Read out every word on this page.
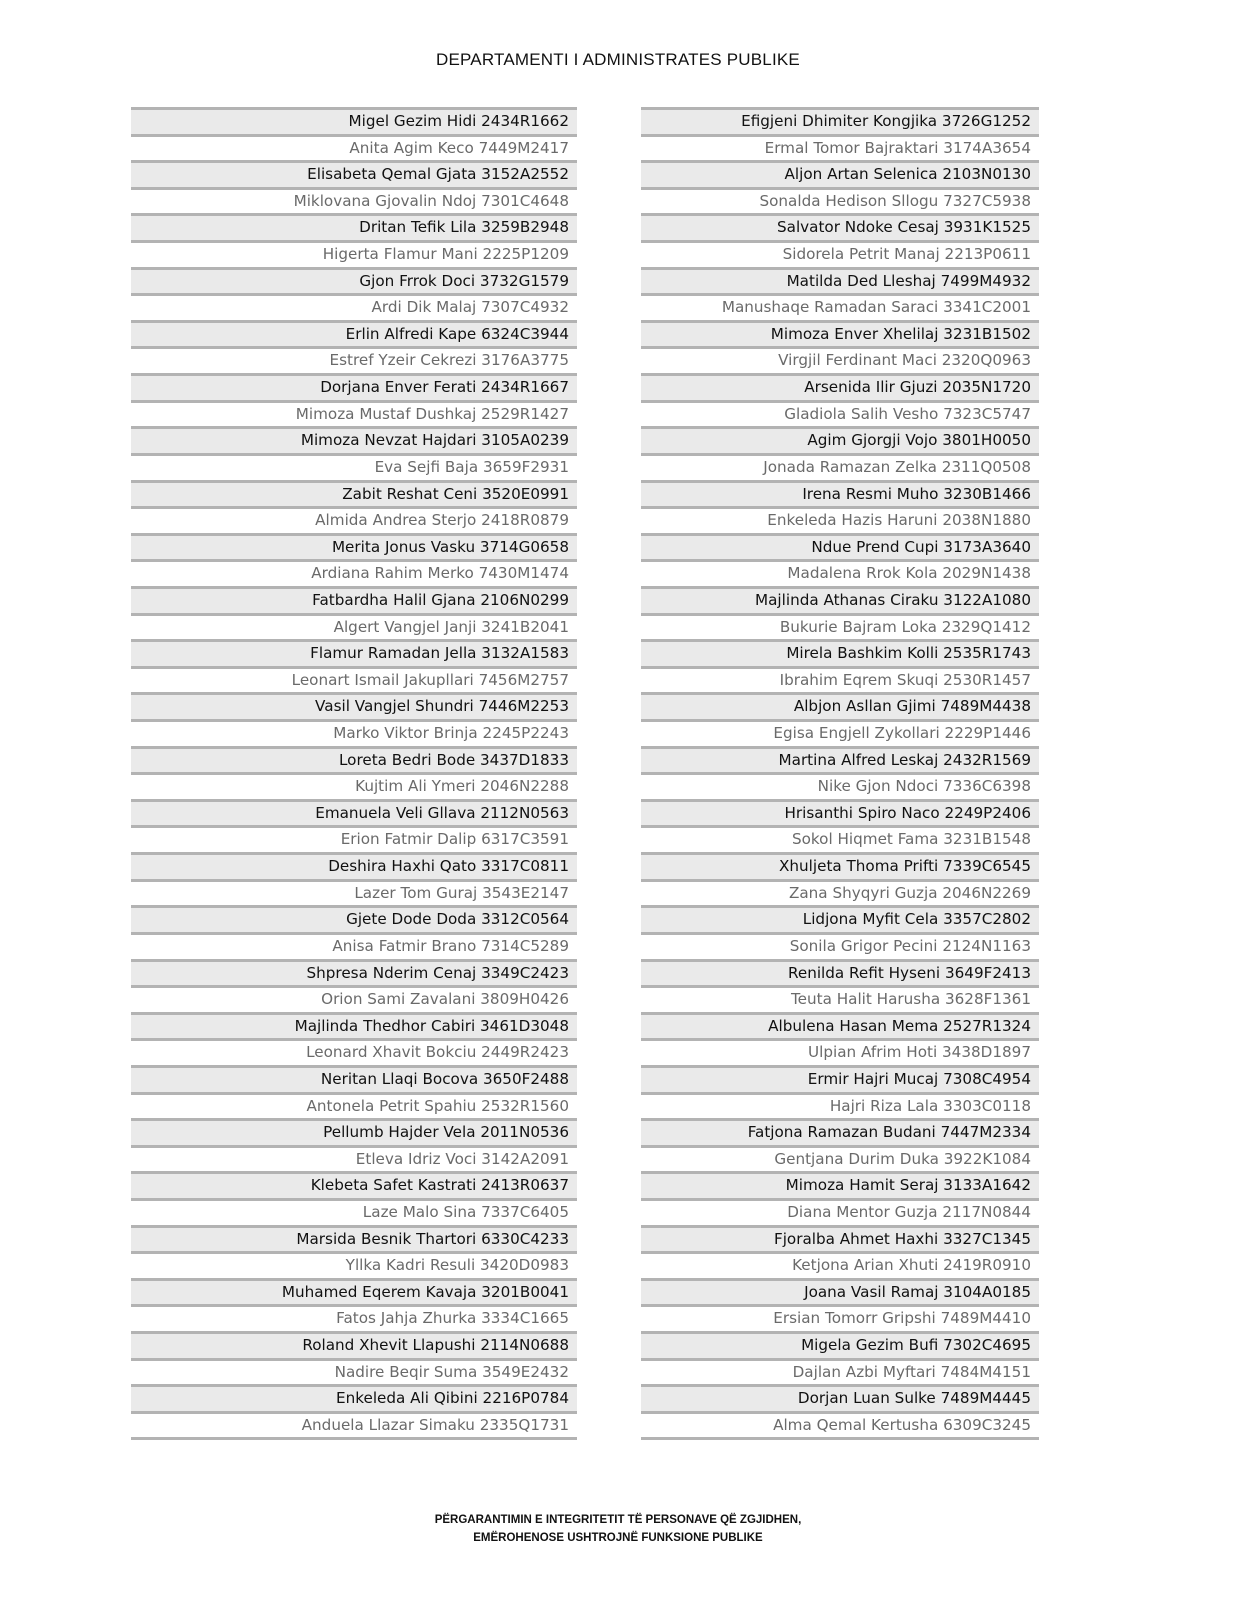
DEPARTAMENTI I ADMINISTRATES PUBLIKE
Migel Gezim Hidi 2434R1662
Anita Agim Keco 7449M2417
Elisabeta Qemal Gjata 3152A2552
Miklovana Gjovalin Ndoj 7301C4648
Dritan Tefik Lila 3259B2948
Higerta Flamur Mani 2225P1209
Gjon Frrok Doci 3732G1579
Ardi Dik Malaj 7307C4932
Erlin Alfredi Kape 6324C3944
Estref Yzeir Cekrezi 3176A3775
Dorjana Enver Ferati 2434R1667
Mimoza Mustaf Dushkaj 2529R1427
Mimoza Nevzat Hajdari 3105A0239
Eva Sejfi Baja 3659F2931
Zabit Reshat Ceni 3520E0991
Almida Andrea Sterjo 2418R0879
Merita Jonus Vasku 3714G0658
Ardiana Rahim Merko 7430M1474
Fatbardha Halil Gjana 2106N0299
Algert Vangjel Janji 3241B2041
Flamur Ramadan Jella 3132A1583
Leonart Ismail Jakupllari 7456M2757
Vasil Vangjel Shundri 7446M2253
Marko Viktor Brinja 2245P2243
Loreta Bedri Bode 3437D1833
Kujtim Ali Ymeri 2046N2288
Emanuela Veli Gllava 2112N0563
Erion Fatmir Dalip 6317C3591
Deshira Haxhi Qato 3317C0811
Lazer Tom Guraj 3543E2147
Gjete Dode Doda 3312C0564
Anisa Fatmir Brano 7314C5289
Shpresa Nderim Cenaj 3349C2423
Orion Sami Zavalani 3809H0426
Majlinda Thedhor Cabiri 3461D3048
Leonard Xhavit Bokciu 2449R2423
Neritan Llaqi Bocova 3650F2488
Antonela Petrit Spahiu 2532R1560
Pellumb Hajder Vela 2011N0536
Etleva Idriz Voci 3142A2091
Klebeta Safet Kastrati 2413R0637
Laze Malo Sina 7337C6405
Marsida Besnik Thartori 6330C4233
Yllka Kadri Resuli 3420D0983
Muhamed Eqerem Kavaja 3201B0041
Fatos Jahja Zhurka 3334C1665
Roland Xhevit Llapushi 2114N0688
Nadire Beqir Suma 3549E2432
Enkeleda Ali Qibini 2216P0784
Anduela Llazar Simaku 2335Q1731
Efigjeni Dhimiter Kongjika 3726G1252
Ermal Tomor Bajraktari 3174A3654
Aljon Artan Selenica 2103N0130
Sonalda Hedison Sllogu 7327C5938
Salvator Ndoke Cesaj 3931K1525
Sidorela Petrit Manaj 2213P0611
Matilda Ded Lleshaj 7499M4932
Manushaqe Ramadan Saraci 3341C2001
Mimoza Enver Xhelilaj 3231B1502
Virgjil Ferdinant Maci 2320Q0963
Arsenida Ilir Gjuzi 2035N1720
Gladiola Salih Vesho 7323C5747
Agim Gjorgji Vojo 3801H0050
Jonada Ramazan Zelka 2311Q0508
Irena Resmi Muho 3230B1466
Enkeleda Hazis Haruni 2038N1880
Ndue Prend Cupi 3173A3640
Madalena Rrok Kola 2029N1438
Majlinda Athanas Ciraku 3122A1080
Bukurie Bajram Loka 2329Q1412
Mirela Bashkim Kolli 2535R1743
Ibrahim Eqrem Skuqi 2530R1457
Albjon Asllan Gjimi 7489M4438
Egisa Engjell Zykollari 2229P1446
Martina Alfred Leskaj 2432R1569
Nike Gjon Ndoci 7336C6398
Hrisanthi Spiro Naco 2249P2406
Sokol Hiqmet Fama 3231B1548
Xhuljeta Thoma Prifti 7339C6545
Zana Shyqyri Guzja 2046N2269
Lidjona Myfit Cela 3357C2802
Sonila Grigor Pecini 2124N1163
Renilda Refit Hyseni 3649F2413
Teuta Halit Harusha 3628F1361
Albulena Hasan Mema 2527R1324
Ulpian Afrim Hoti 3438D1897
Ermir Hajri Mucaj 7308C4954
Hajri Riza Lala 3303C0118
Fatjona Ramazan Budani 7447M2334
Gentjana Durim Duka 3922K1084
Mimoza Hamit Seraj 3133A1642
Diana Mentor Guzja 2117N0844
Fjoralba Ahmet Haxhi 3327C1345
Ketjona Arian Xhuti 2419R0910
Joana Vasil Ramaj 3104A0185
Ersian Tomorr Gripshi 7489M4410
Migela Gezim Bufi 7302C4695
Dajlan Azbi Myftari 7484M4151
Dorjan Luan Sulke 7489M4445
Alma Qemal Kertusha 6309C3245
PËRGARANTIMIN E INTEGRITETIT TË PERSONAVE QË ZGJIDHEN,
EMËROHENOSE USHTROJNË FUNKSIONE PUBLIKE
